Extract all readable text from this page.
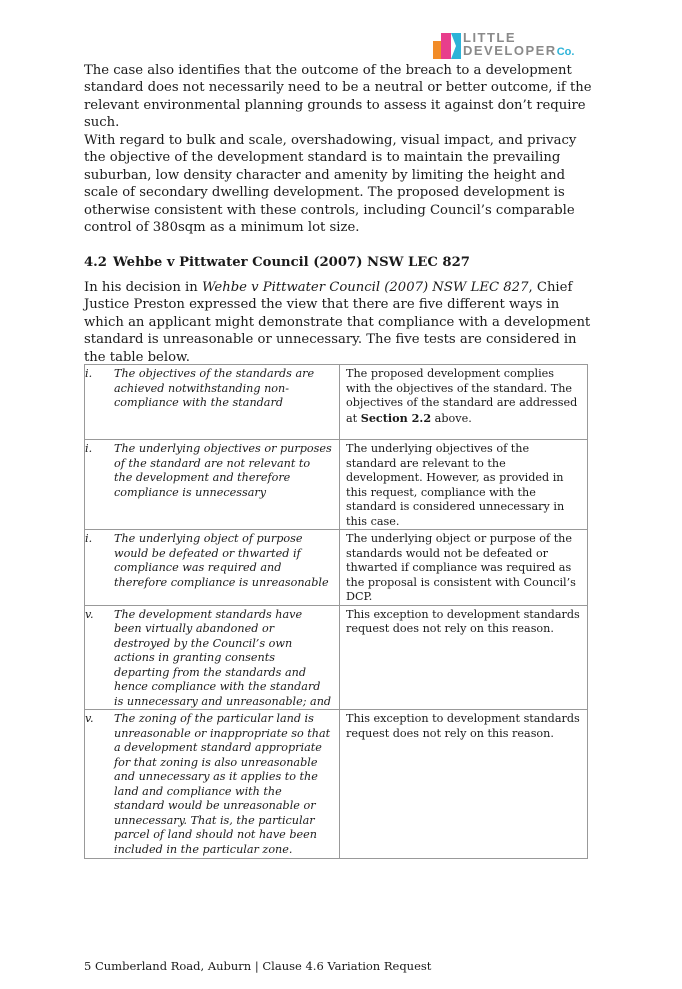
LITTLE
DEVELOPERCo.

The case also identifies that the outcome of the breach to a development standard does not necessarily need to be a neutral or better outcome, if the relevant environmental planning grounds to assess it against don’t require such.

With regard to bulk and scale, overshadowing, visual impact, and privacy the objective of the development standard is to maintain the prevailing suburban, low density character and amenity by limiting the height and scale of secondary dwelling development. The proposed development is otherwise consistent with these controls, including Council’s comparable control of 380sqm as a minimum lot size.

4.2 Wehbe v Pittwater Council (2007) NSW LEC 827

In his decision in Wehbe v Pittwater Council (2007) NSW LEC 827, Chief Justice Preston expressed the view that there are five different ways in which an applicant might demonstrate that compliance with a development standard is unreasonable or unnecessary. The five tests are considered in the table below.

i. The objectives of the standards are achieved notwithstanding non-compliance with the standard	The proposed development complies with the objectives of the standard. The objectives of the standard are addressed at Section 2.2 above.
i. The underlying objectives or purposes of the standard are not relevant to the development and therefore compliance is unnecessary	The underlying objectives of the standard are relevant to the development. However, as provided in this request, compliance with the standard is considered unnecessary in this case.
i. The underlying object of purpose would be defeated or thwarted if compliance was required and therefore compliance is unreasonable	The underlying object or purpose of the standards would not be defeated or thwarted if compliance was required as the proposal is consistent with Council’s DCP.
v. The development standards have been virtually abandoned or destroyed by the Council’s own actions in granting consents departing from the standards and hence compliance with the standard is unnecessary and unreasonable; and	This exception to development standards request does not rely on this reason.
v. The zoning of the particular land is unreasonable or inappropriate so that a development standard appropriate for that zoning is also unreasonable and unnecessary as it applies to the land and compliance with the standard would be unreasonable or unnecessary. That is, the particular parcel of land should not have been included in the particular zone.	This exception to development standards request does not rely on this reason.
5 Cumberland Road, Auburn | Clause 4.6 Variation Request
